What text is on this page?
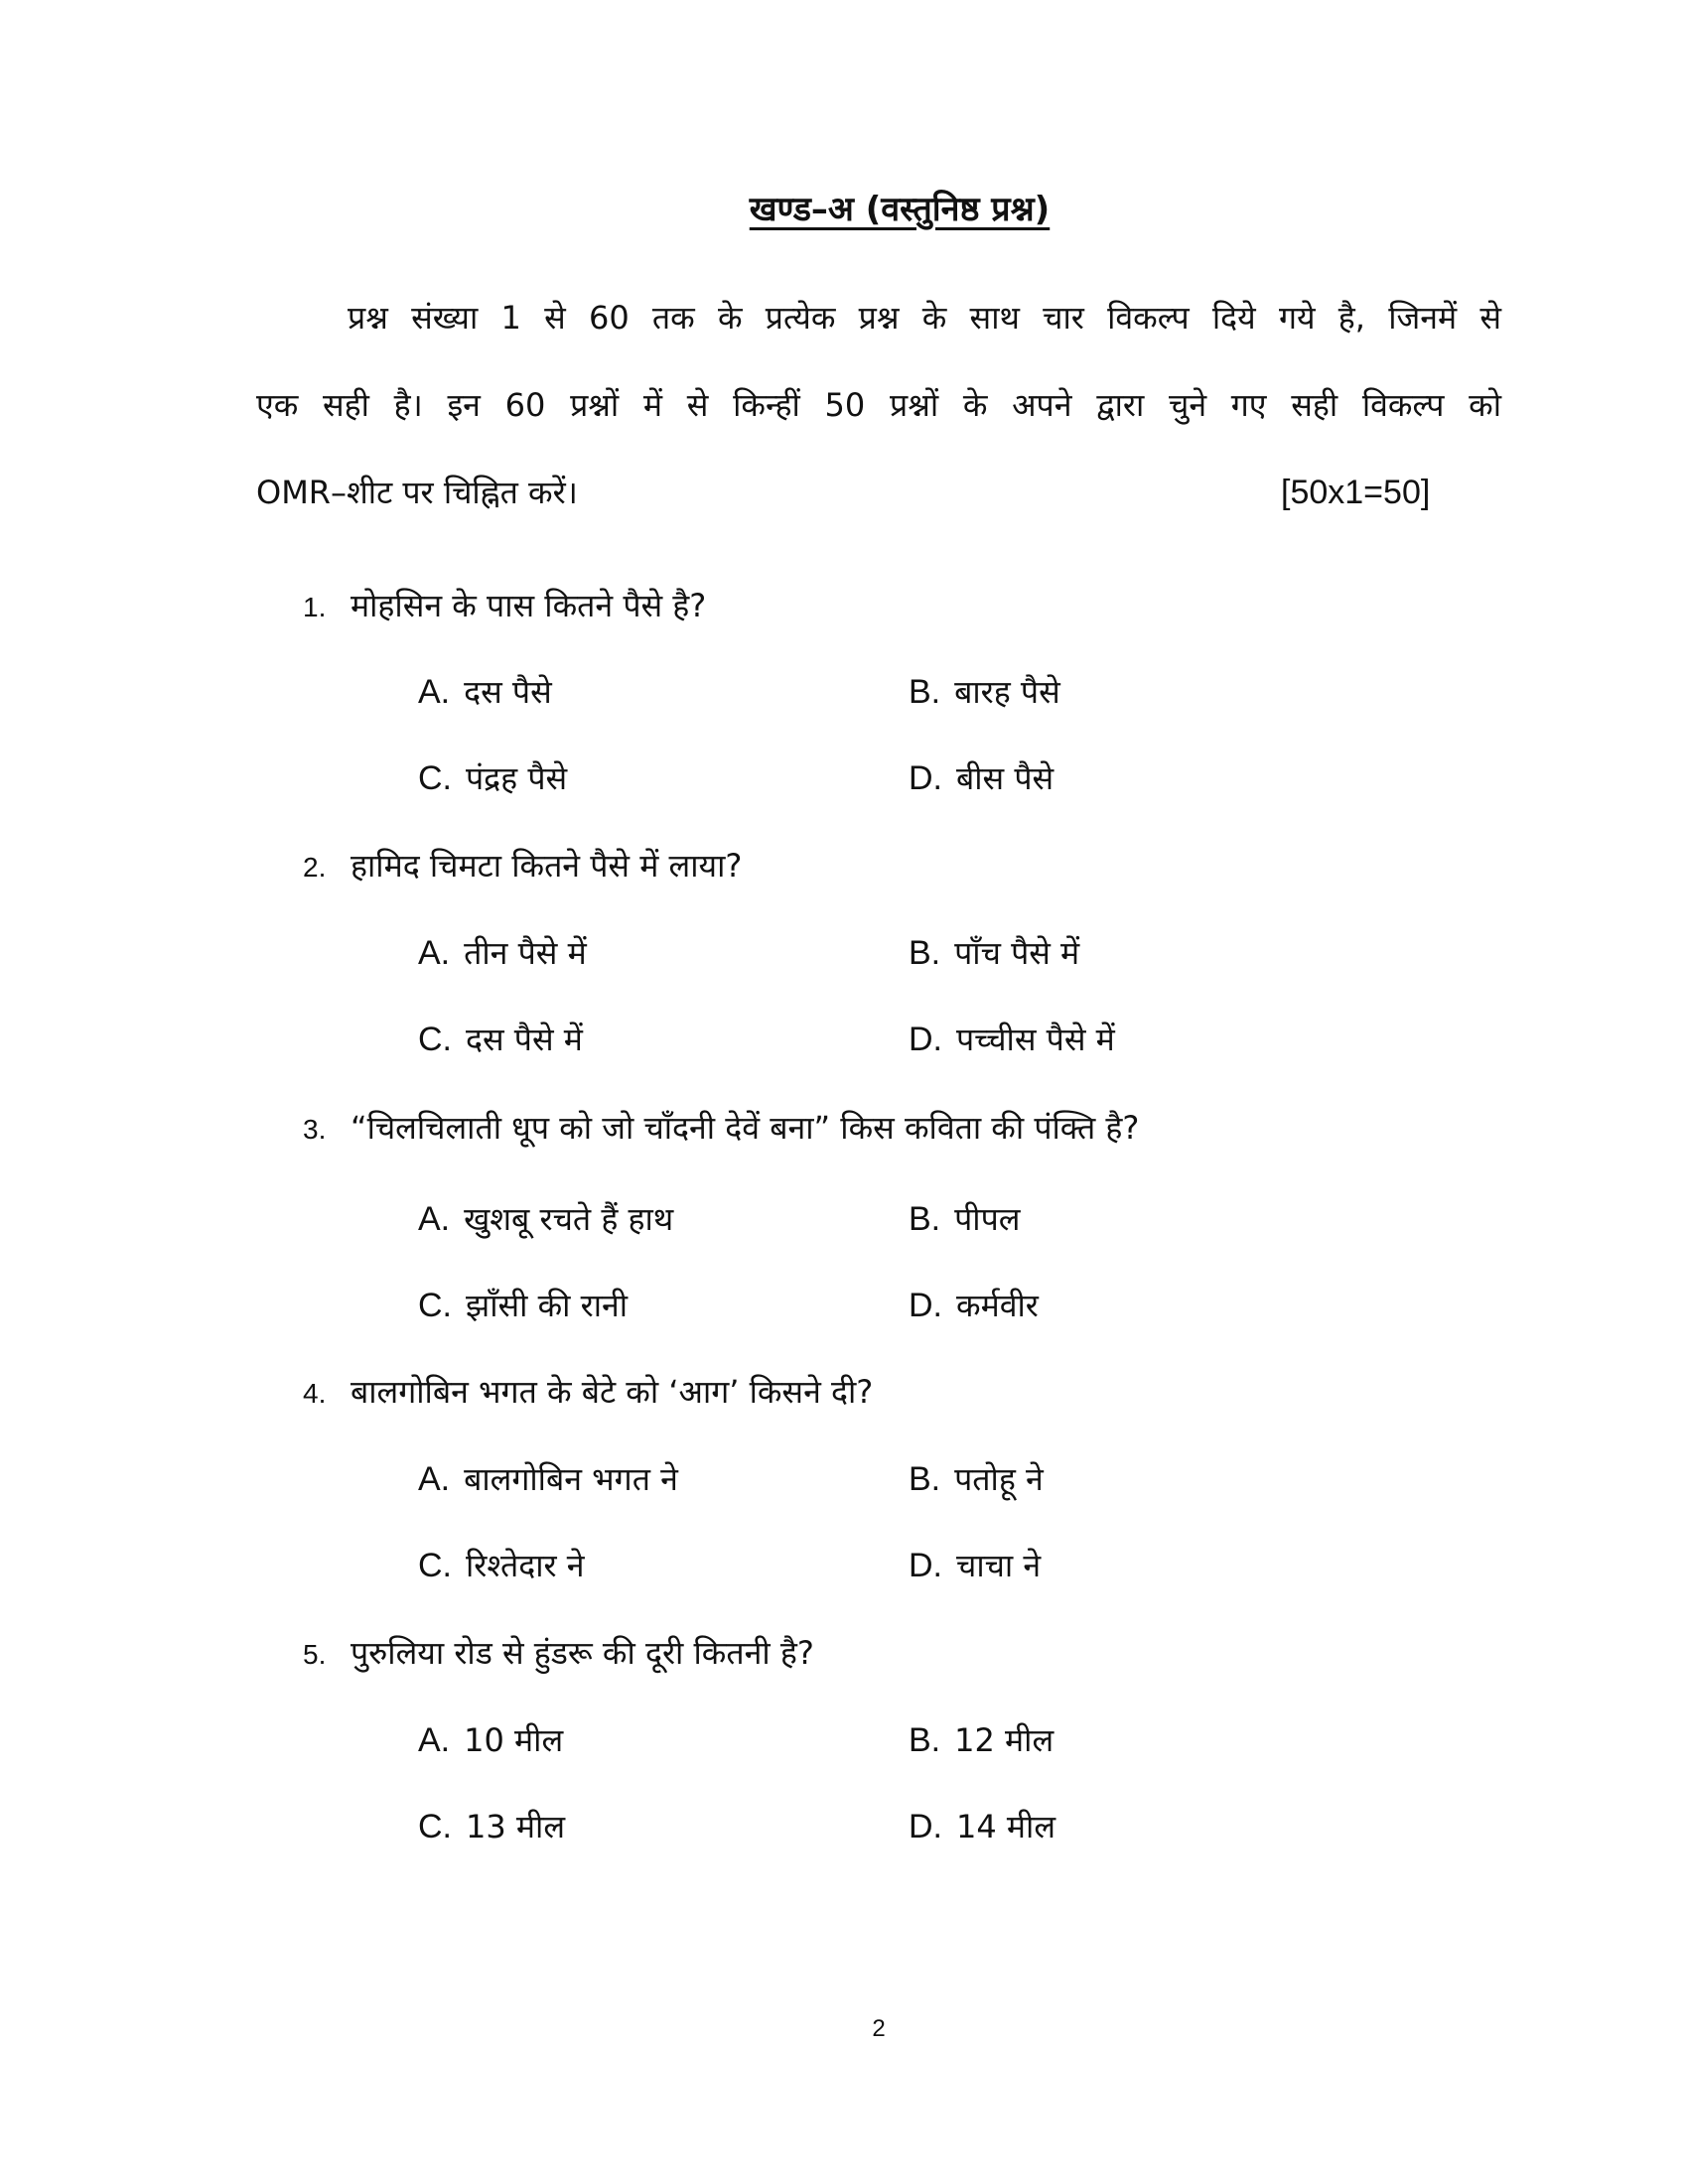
खण्ड–अ (वस्तुनिष्ठ प्रश्न)
प्रश्न संख्या 1 से 60 तक के प्रत्येक प्रश्न के साथ चार विकल्प दिये गये है, जिनमें से
एक सही है। इन 60 प्रश्नों में से किन्हीं 50 प्रश्नों के अपने द्वारा चुने गए सही विकल्प को
OMR–शीट पर चिह्नित करें।	[50x1=50]
1. मोहसिन के पास कितने पैसे है?
A. दस पैसे	B. बारह पैसे
C. पंद्रह पैसे	D. बीस पैसे
2. हामिद चिमटा कितने पैसे में लाया?
A. तीन पैसे में	B. पाँच पैसे में
C. दस पैसे में	D. पच्चीस पैसे में
3. “चिलचिलाती धूप को जो चाँदनी देवें बना” किस कविता की पंक्ति है?
A. खुशबू रचते हैं हाथ	B. पीपल
C. झाँसी की रानी	D. कर्मवीर
4. बालगोबिन भगत के बेटे को ‘आग’ किसने दी?
A. बालगोबिन भगत ने	B. पतोहू ने
C. रिश्तेदार ने	D. चाचा ने
5. पुरुलिया रोड से हुंडरू की दूरी कितनी है?
A. 10 मील	B. 12 मील
C. 13 मील	D. 14 मील
2
